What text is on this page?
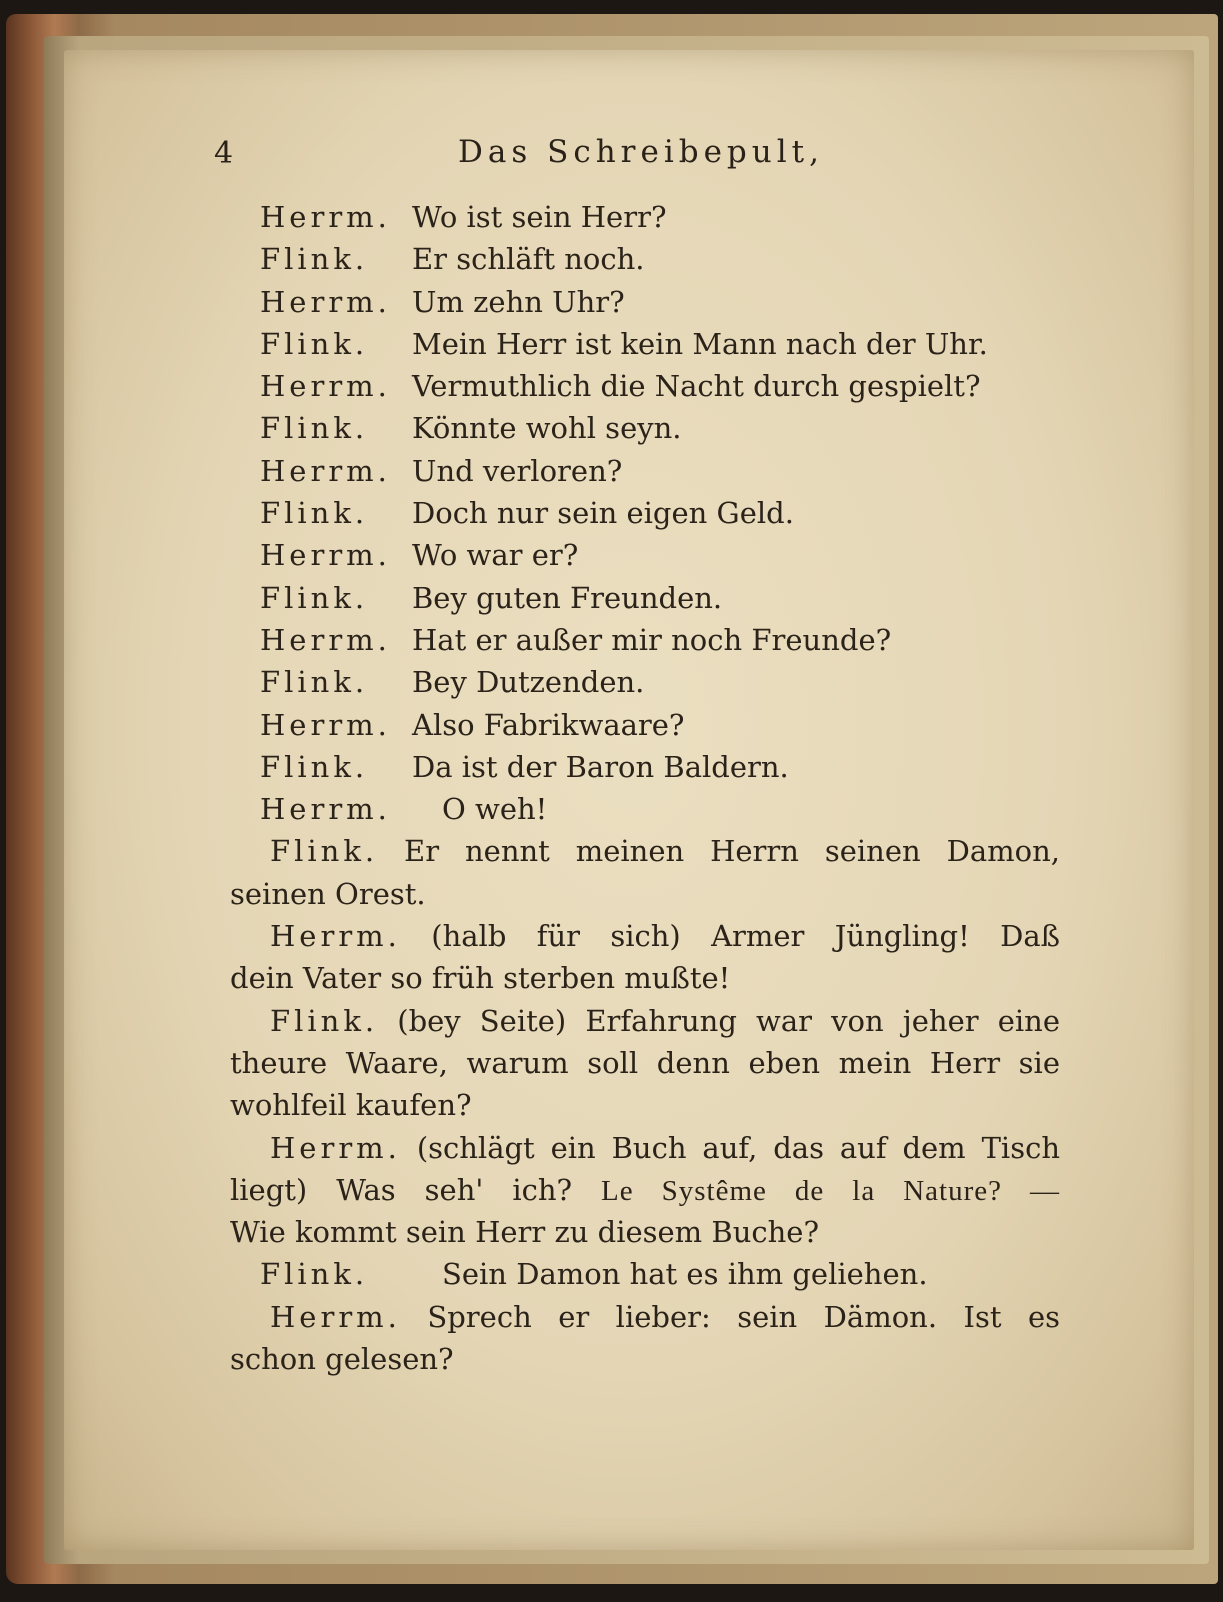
4	Das Schreibepult,
Herrm. Wo ist sein Herr?
Flink. Er schläft noch.
Herrm. Um zehn Uhr?
Flink. Mein Herr ist kein Mann nach der Uhr.
Herrm. Vermuthlich die Nacht durch gespielt?
Flink. Könnte wohl seyn.
Herrm. Und verloren?
Flink. Doch nur sein eigen Geld.
Herrm. Wo war er?
Flink. Bey guten Freunden.
Herrm. Hat er außer mir noch Freunde?
Flink. Bey Dutzenden.
Herrm. Also Fabrikwaare?
Flink. Da ist der Baron Baldern.
Herrm. O weh!
Flink. Er nennt meinen Herrn seinen Damon,
seinen Orest.
Herrm. (halb für sich) Armer Jüngling! Daß
dein Vater so früh sterben mußte!
Flink. (bey Seite) Erfahrung war von jeher eine
theure Waare, warum soll denn eben mein Herr sie
wohlfeil kaufen?
Herrm. (schlägt ein Buch auf, das auf dem Tisch
liegt) Was seh' ich? Le Systême de la Nature? —
Wie kommt sein Herr zu diesem Buche?
Flink.	Sein Damon hat es ihm geliehen.
Herrm. Sprech er lieber: sein Dämon. Ist es
schon gelesen?
